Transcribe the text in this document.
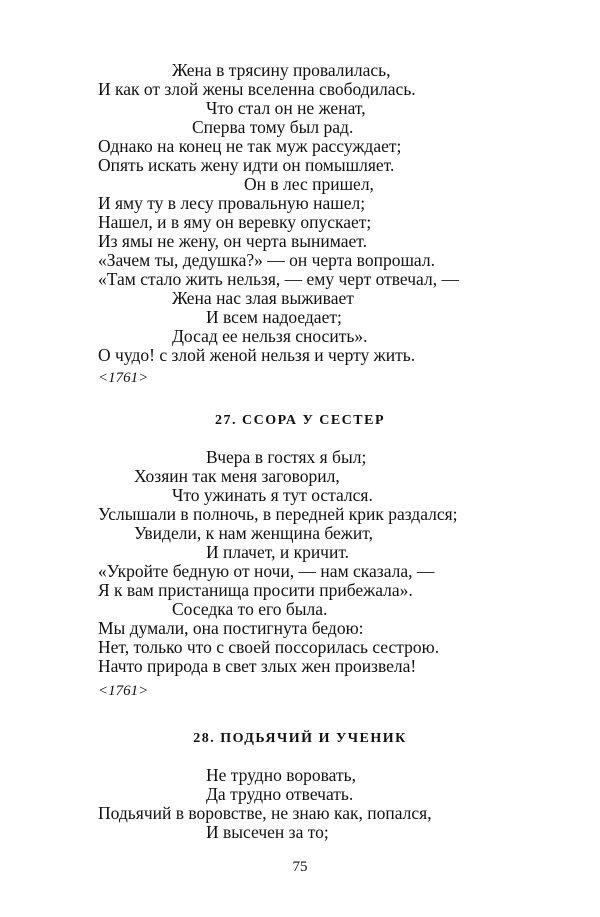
Жена в трясину провалилась,
И как от злой жены вселенна свободилась.
Что стал он не женат,
Сперва тому был рад.
Однако на конец не так муж рассуждает;
Опять искать жену идти он помышляет.
Он в лес пришел,
И яму ту в лесу провальную нашел;
Нашел, и в яму он веревку опускает;
Из ямы не жену, он черта вынимает.
«Зачем ты, дедушка?» — он черта вопрошал.
«Там стало жить нельзя, — ему черт отвечал, —
Жена нас злая выживает
И всем надоедает;
Досад ее нельзя сносить».
О чудо! с злой женой нельзя и черту жить.
<1761>
27. ССОРА У СЕСТЕР
Вчера в гостях я был;
Хозяин так меня заговорил,
Что ужинать я тут остался.
Услышали в полночь, в передней крик раздался;
Увидели, к нам женщина бежит,
И плачет, и кричит.
«Укройте бедную от ночи, — нам сказала, —
Я к вам пристанища просити прибежала».
Соседка то его была.
Мы думали, она постигнута бедою:
Нет, только что с своей поссорилась сестрою.
Начто природа в свет злых жен произвела!
<1761>
28. ПОДЬЯЧИЙ И УЧЕНИК
Не трудно воровать,
Да трудно отвечать.
Подьячий в воровстве, не знаю как, попался,
И высечен за то;
75
